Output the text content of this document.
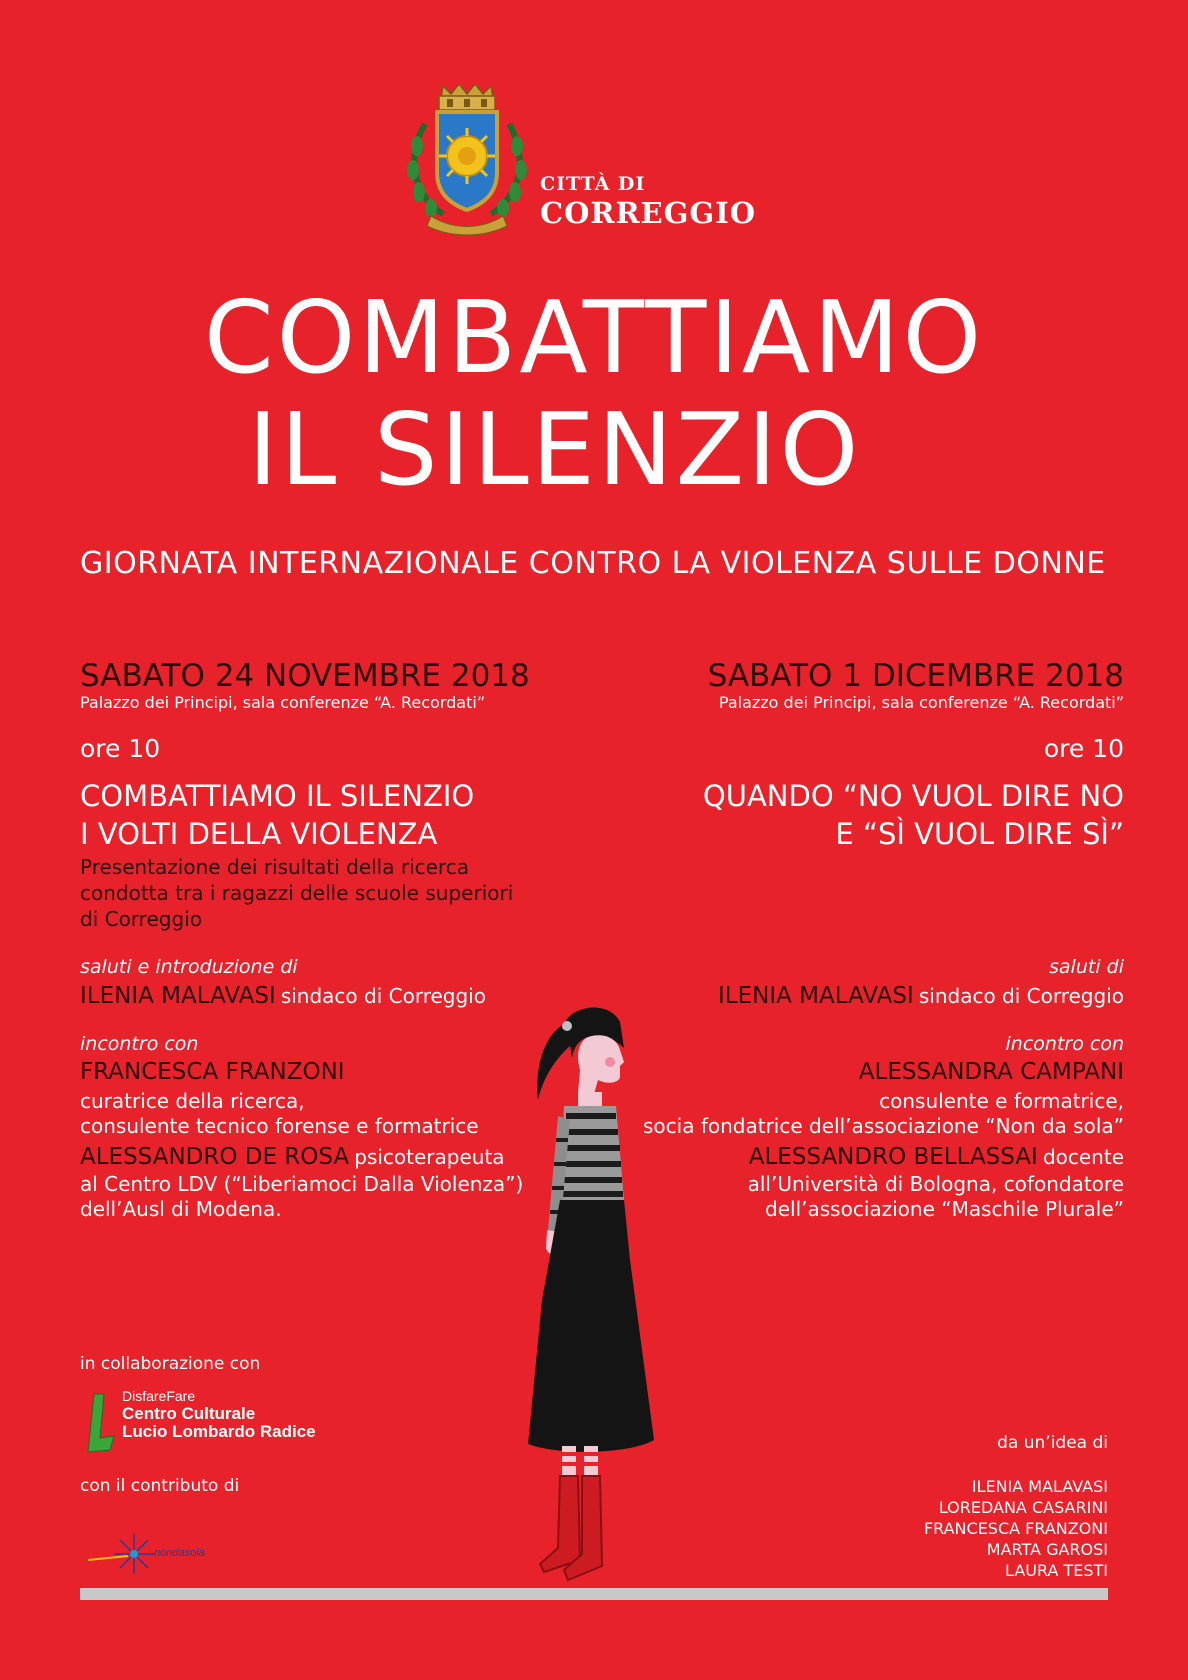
CITTÀ DI
CORREGGIO
COMBATTIAMO
IL SILENZIO
GIORNATA INTERNAZIONALE CONTRO LA VIOLENZA SULLE DONNE
SABATO 24 NOVEMBRE 2018
Palazzo dei Principi, sala conferenze “A. Recordati”
ore 10
COMBATTIAMO IL SILENZIO
I VOLTI DELLA VIOLENZA
Presentazione dei risultati della ricerca
condotta tra i ragazzi delle scuole superiori
di Correggio
saluti e introduzione di
ILENIA MALAVASI sindaco di Correggio
incontro con
FRANCESCA FRANZONI
curatrice della ricerca,
consulente tecnico forense e formatrice
ALESSANDRO DE ROSA psicoterapeuta
al Centro LDV (“Liberiamoci Dalla Violenza”)
dell’Ausl di Modena.
SABATO 1 DICEMBRE 2018
Palazzo dei Principi, sala conferenze “A. Recordati”
ore 10
QUANDO “NO VUOL DIRE NO
E “SÌ VUOL DIRE SÌ”
saluti di
ILENIA MALAVASI sindaco di Correggio
incontro con
ALESSANDRA CAMPANI
consulente e formatrice,
socia fondatrice dell’associazione “Non da sola”
ALESSANDRO BELLASSAI docente
all’Università di Bologna, cofondatore
dell’associazione “Maschile Plurale”
in collaborazione con
DisfareFare
Centro Culturale
Lucio Lombardo Radice
con il contributo di
nondasola
da un’idea di
ILENIA MALAVASI
LOREDANA CASARINI
FRANCESCA FRANZONI
MARTA GAROSI
LAURA TESTI
